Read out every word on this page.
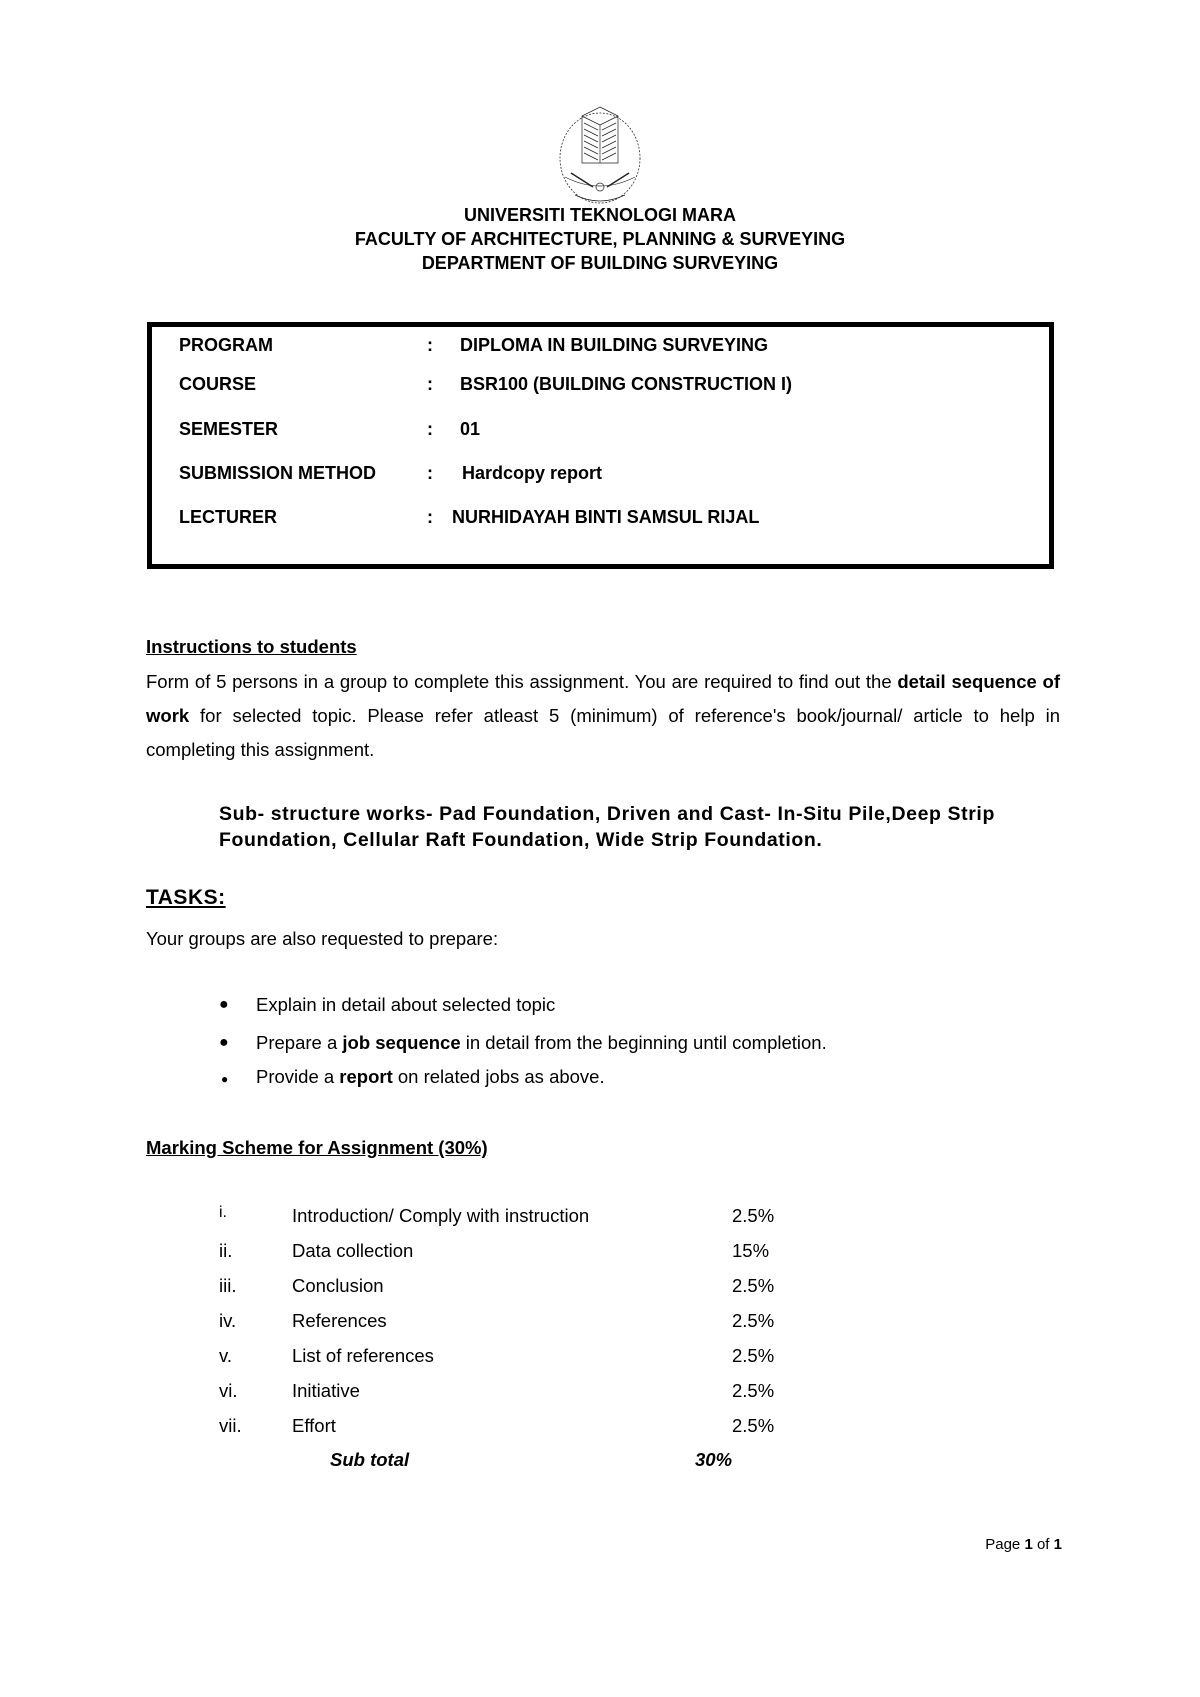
UNIVERSITI TEKNOLOGI MARA
FACULTY OF ARCHITECTURE, PLANNING & SURVEYING
DEPARTMENT OF BUILDING SURVEYING
PROGRAM	: DIPLOMA IN BUILDING SURVEYING
COURSE	: BSR100 (BUILDING CONSTRUCTION I)
SEMESTER	: 01
SUBMISSION METHOD	: Hardcopy report
LECTURER	: NURHIDAYAH BINTI SAMSUL RIJAL
Instructions to students

Form of 5 persons in a group to complete this assignment. You are required to find out the detail sequence of work for selected topic. Please refer atleast 5 (minimum) of reference's book/journal/ article to help in completing this assignment.

Sub- structure works- Pad Foundation, Driven and Cast- In-Situ Pile,Deep Strip Foundation, Cellular Raft Foundation, Wide Strip Foundation.
TASKS:
Your groups are also requested to prepare:
● Explain in detail about selected topic
● Prepare a job sequence in detail from the beginning until completion.
● Provide a report on related jobs as above.
Marking Scheme for Assignment (30%)
i.	Introduction/ Comply with instruction	2.5%
ii.	Data collection	15%
iii.	Conclusion	2.5%
iv.	References	2.5%
v.	List of references	2.5%
vi.	Initiative	2.5%
vii.	Effort	2.5%
Sub total	30%
Page 1 of 1
